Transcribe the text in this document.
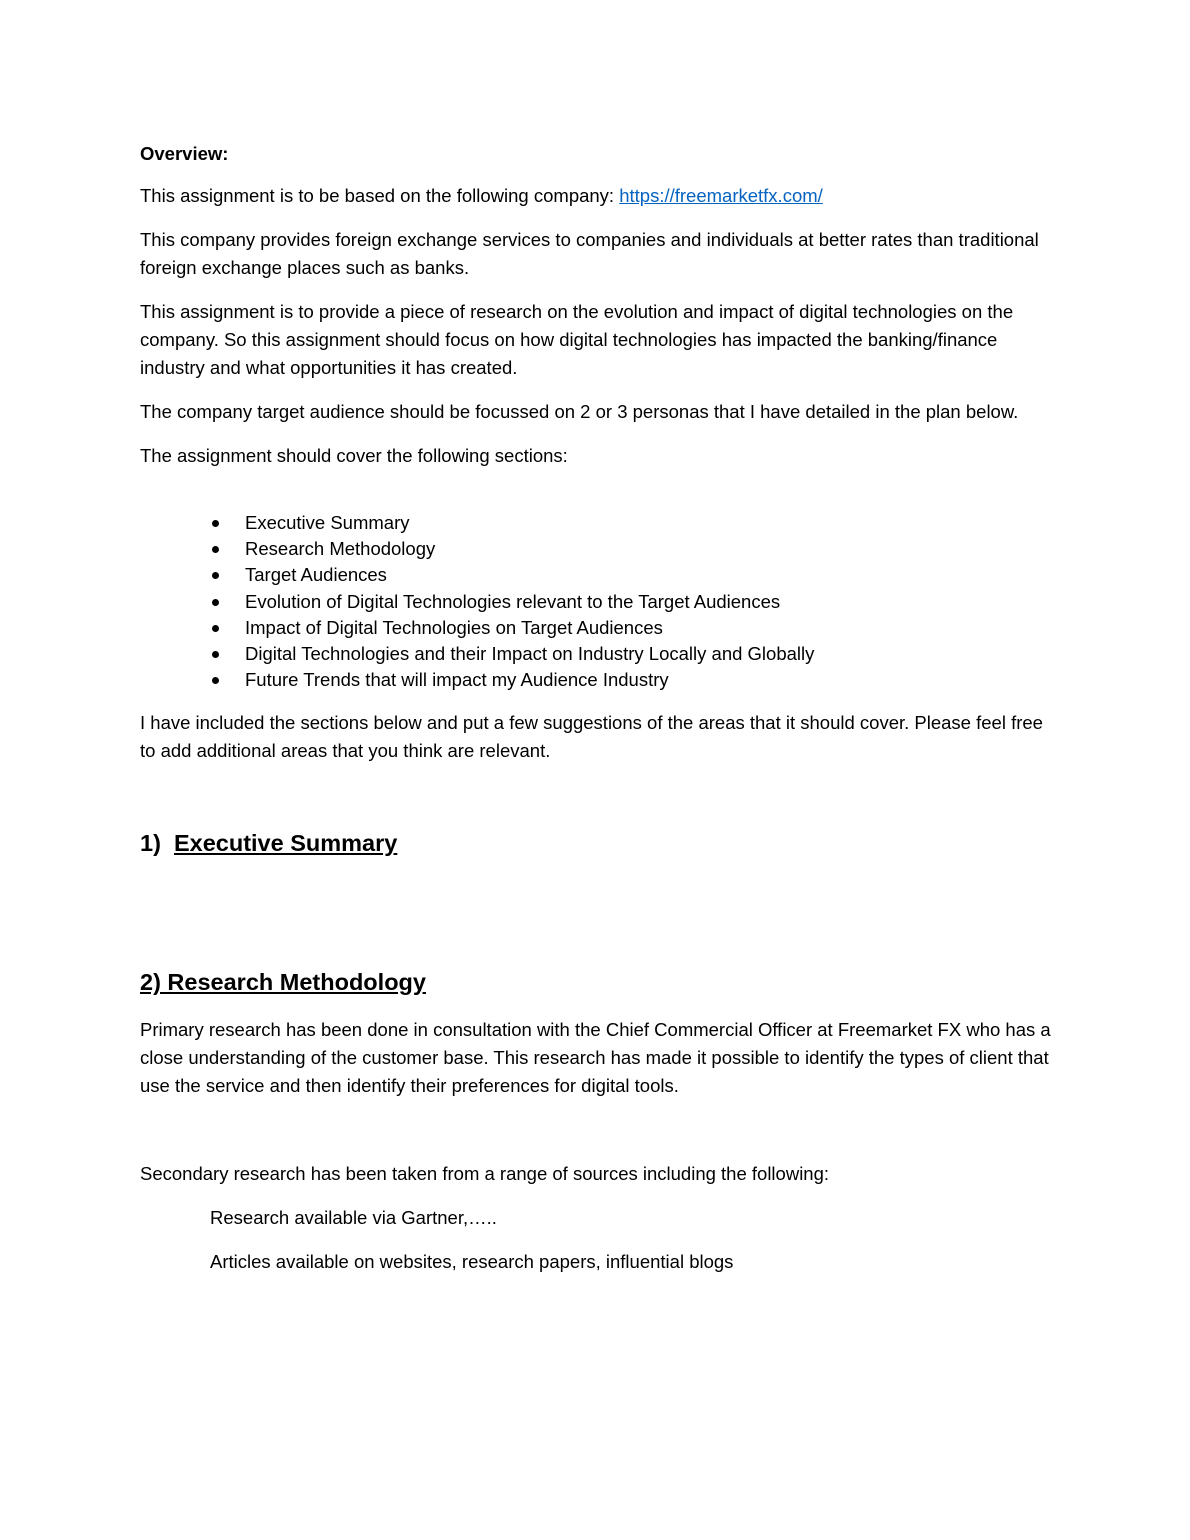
Overview:

This assignment is to be based on the following company: https://freemarketfx.com/

This company provides foreign exchange services to companies and individuals at better rates than traditional foreign exchange places such as banks.

This assignment is to provide a piece of research on the evolution and impact of digital technologies on the company. So this assignment should focus on how digital technologies has impacted the banking/finance industry and what opportunities it has created.

The company target audience should be focussed on 2 or 3 personas that I have detailed in the plan below.

The assignment should cover the following sections:

Executive Summary
Research Methodology
Target Audiences
Evolution of Digital Technologies relevant to the Target Audiences
Impact of Digital Technologies on Target Audiences
Digital Technologies and their Impact on Industry Locally and Globally
Future Trends that will impact my Audience Industry

I have included the sections below and put a few suggestions of the areas that it should cover. Please feel free to add additional areas that you think are relevant.

1) Executive Summary
2) Research Methodology

Primary research has been done in consultation with the Chief Commercial Officer at Freemarket FX who has a close understanding of the customer base. This research has made it possible to identify the types of client that use the service and then identify their preferences for digital tools.

Secondary research has been taken from a range of sources including the following:

Research available via Gartner,…..

Articles available on websites, research papers, influential blogs
